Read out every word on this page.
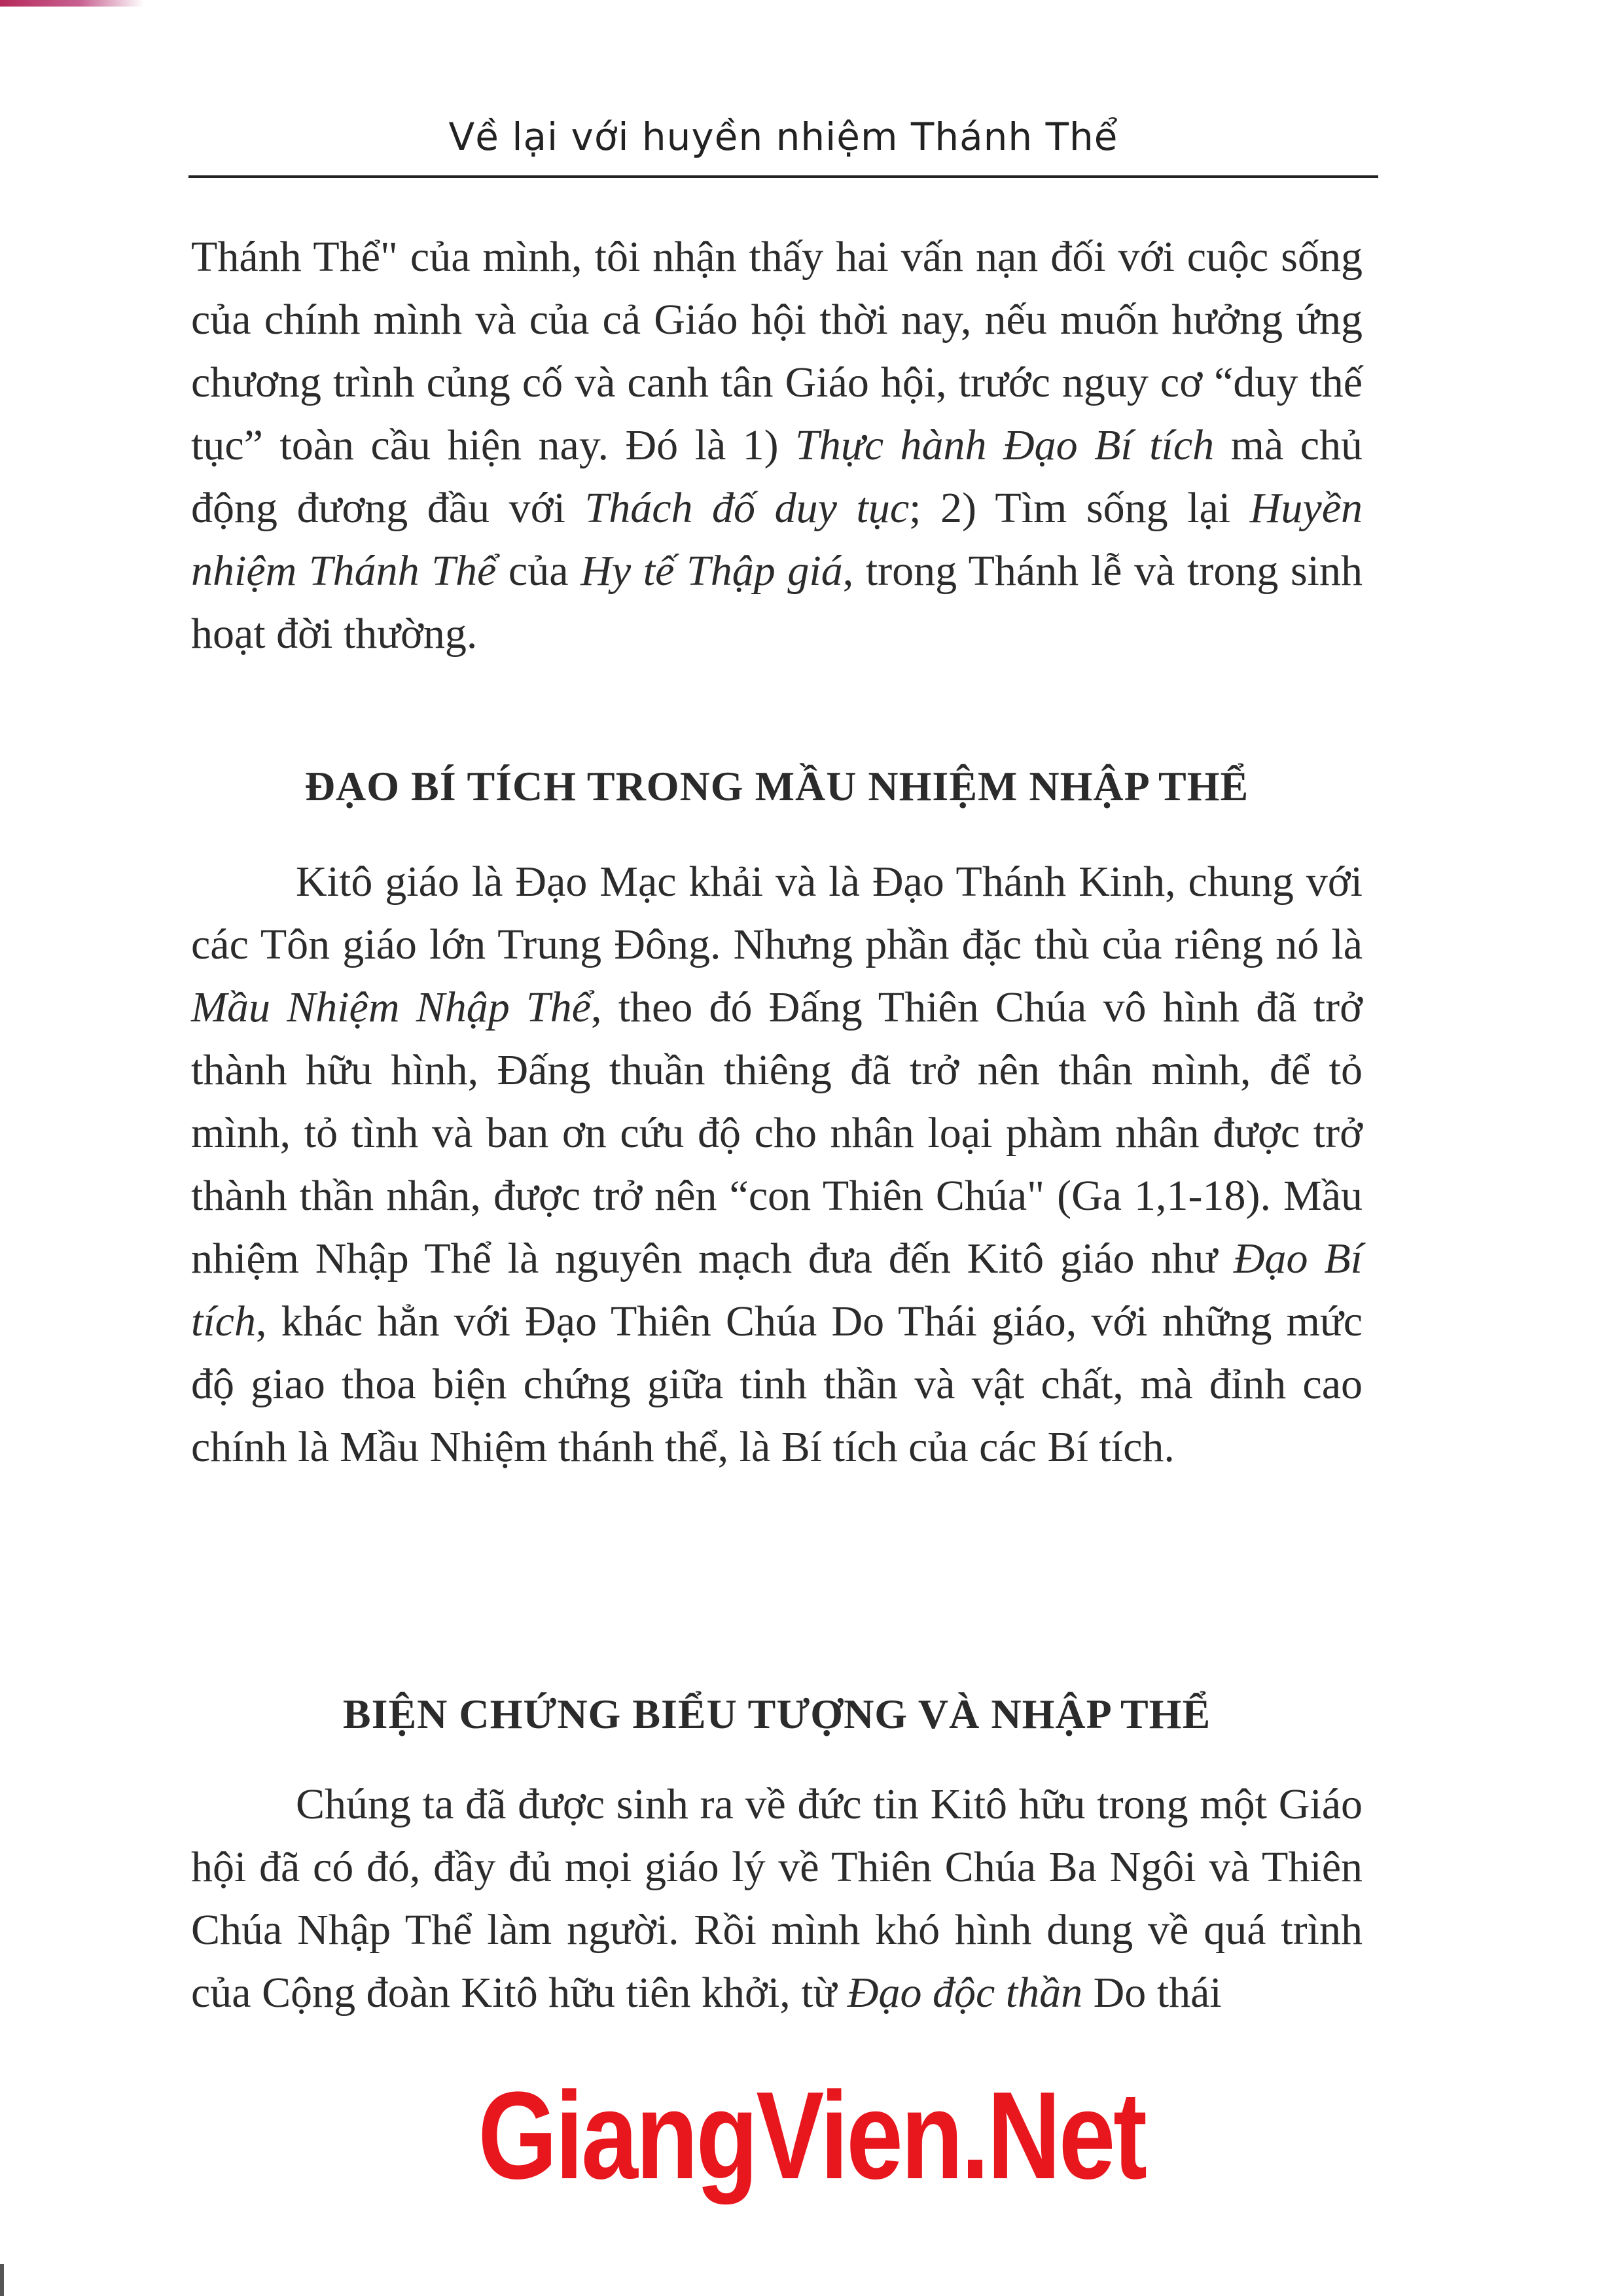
Về lại với huyền nhiệm Thánh Thể

Thánh Thể" của mình, tôi nhận thấy hai vấn nạn đối với cuộc sống của chính mình và của cả Giáo hội thời nay, nếu muốn hưởng ứng chương trình củng cố và canh tân Giáo hội, trước nguy cơ “duy thế tục” toàn cầu hiện nay. Đó là 1) Thực hành Đạo Bí tích mà chủ động đương đầu với Thách đố duy tục; 2) Tìm sống lại Huyền nhiệm Thánh Thể của Hy tế Thập giá, trong Thánh lễ và trong sinh hoạt đời thường.

ĐẠO BÍ TÍCH TRONG MẦU NHIỆM NHẬP THỂ

Kitô giáo là Đạo Mạc khải và là Đạo Thánh Kinh, chung với các Tôn giáo lớn Trung Đông. Nhưng phần đặc thù của riêng nó là Mầu Nhiệm Nhập Thể, theo đó Đấng Thiên Chúa vô hình đã trở thành hữu hình, Đấng thuần thiêng đã trở nên thân mình, để tỏ mình, tỏ tình và ban ơn cứu độ cho nhân loại phàm nhân được trở thành thần nhân, được trở nên “con Thiên Chúa" (Ga 1,1-18). Mầu nhiệm Nhập Thể là nguyên mạch đưa đến Kitô giáo như Đạo Bí tích, khác hẳn với Đạo Thiên Chúa Do Thái giáo, với những mức độ giao thoa biện chứng giữa tinh thần và vật chất, mà đỉnh cao chính là Mầu Nhiệm thánh thể, là Bí tích của các Bí tích.

BIỆN CHỨNG BIỂU TƯỢNG VÀ NHẬP THỂ

Chúng ta đã được sinh ra về đức tin Kitô hữu trong một Giáo hội đã có đó, đầy đủ mọi giáo lý về Thiên Chúa Ba Ngôi và Thiên Chúa Nhập Thể làm người. Rồi mình khó hình dung về quá trình của Cộng đoàn Kitô hữu tiên khởi, từ Đạo độc thần Do thái

GiangVien.Net
